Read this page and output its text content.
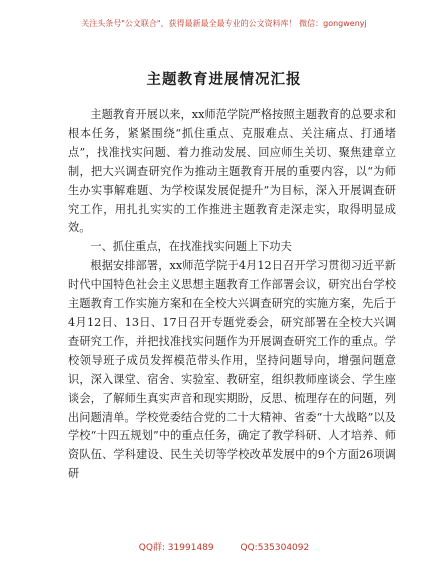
关注头条号"公文联合"，获得最新最全最专业的公文资料库！ 微信：gongwenyj
主题教育进展情况汇报

主题教育开展以来，xx师范学院严格按照主题教育的总要求和根本任务，紧紧围绕“抓住重点、克服难点、关注痛点、打通堵点”，找准找实问题、着力推动发展、回应师生关切、聚焦建章立制，把大兴调查研究作为推动主题教育开展的重要内容，以“为师生办实事解难题、为学校谋发展促提升”为目标，深入开展调查研究工作，用扎扎实实的工作推进主题教育走深走实，取得明显成效。

一、抓住重点，在找准找实问题上下功夫

根据安排部署，xx师范学院于4月12日召开学习贯彻习近平新时代中国特色社会主义思想主题教育工作部署会议，研究出台学校主题教育工作实施方案和在全校大兴调查研究的实施方案，先后于4月12日、13日、17日召开专题党委会，研究部署在全校大兴调查研究工作，并把找准找实问题作为开展调查研究工作的重点。学校领导班子成员发挥模范带头作用，坚持问题导向，增强问题意识，深入课堂、宿舍、实验室、教研室，组织教师座谈会、学生座谈会，了解师生真实声音和现实期盼，反思、梳理存在的问题，列出问题清单。学校党委结合党的二十大精神、省委“十大战略”以及学校“十四五规划”中的重点任务，确定了教学科研、人才培养、师资队伍、学科建设、民生关切等学校改革发展中的9个方面26项调研

QQ群: 31991489	QQ:535304092
